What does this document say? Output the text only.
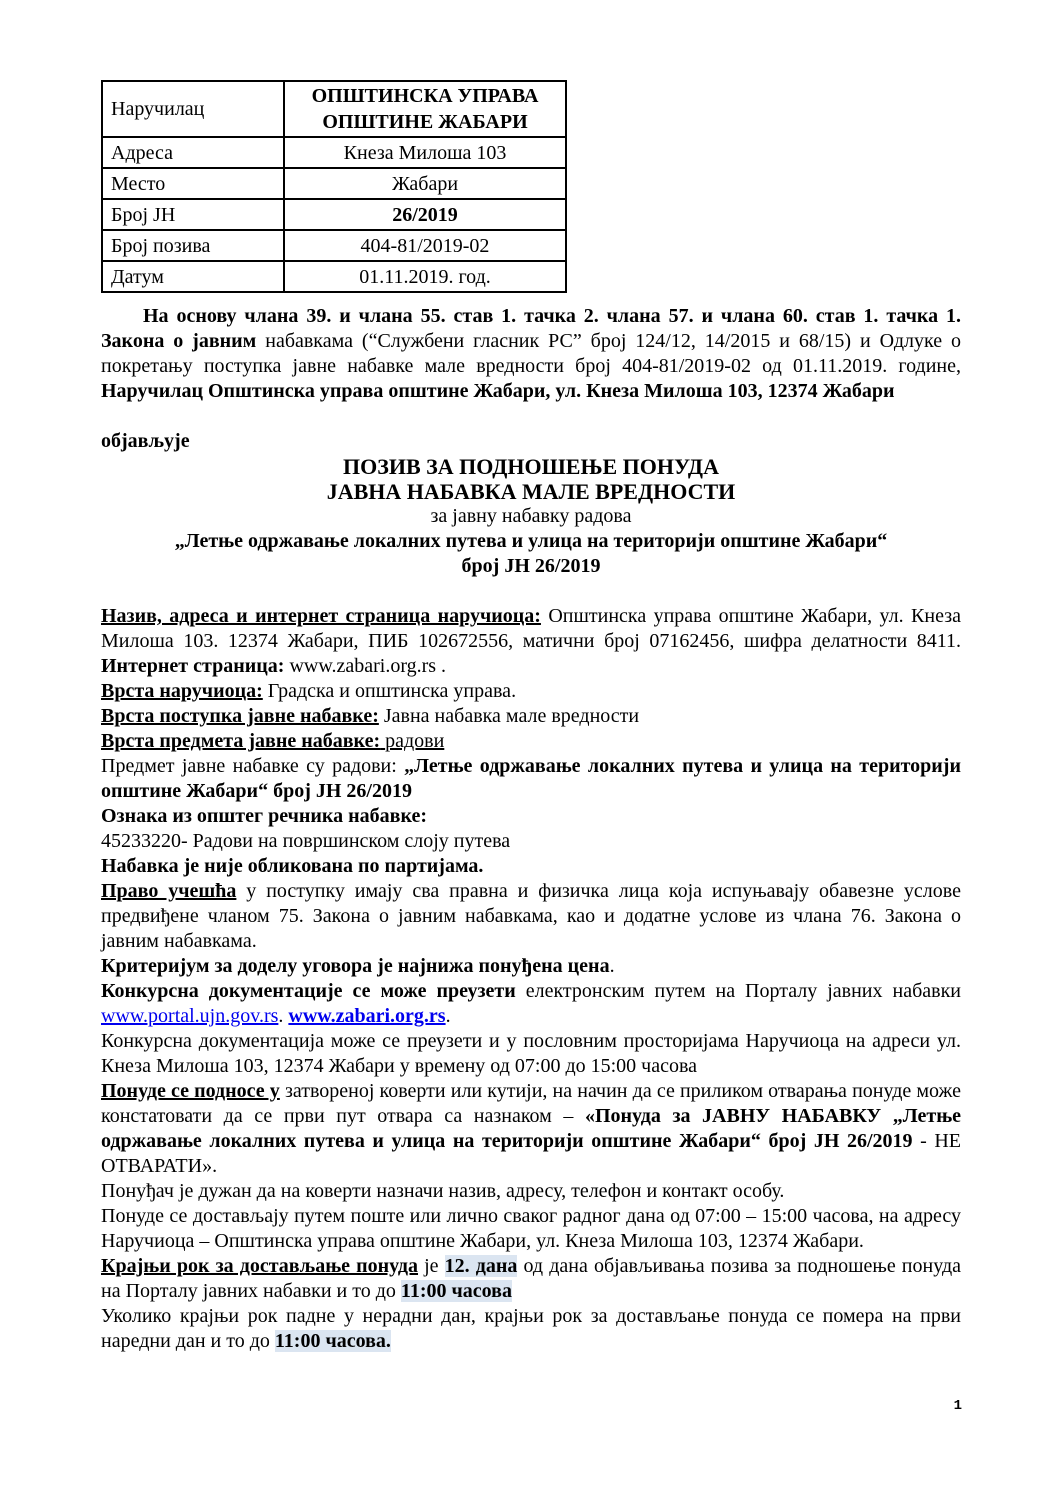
Наручилац	ОПШТИНСКА УПРАВА ОПШТИНЕ ЖАБАРИ
Адреса	Кнеза Милоша 103
Место	Жабари
Број ЈН	26/2019
Број позива	404-81/2019-02
Датум	01.11.2019. год.

На основу члана 39. и члана 55. став 1. тачка 2. члана 57. и члана 60. став 1. тачка 1. Закона о јавним набавкама (“Службени гласник РС” број 124/12, 14/2015 и 68/15) и Одлуке о покретању поступка јавне набавке мале вредности број 404-81/2019-02 од 01.11.2019. године, Наручилац Општинска управа општине Жабари, ул. Кнеза Милоша 103, 12374 Жабари

објављује

ПОЗИВ ЗА ПОДНОШЕЊЕ ПОНУДА

ЈАВНА НАБАВКА МАЛЕ ВРЕДНОСТИ

за јавну набавку радова

„Летње одржавање локалних путева и улица на територији општине Жабари“

број ЈН 26/2019

Назив, адреса и интернет страница наручиоца: Општинска управа општине Жабари, ул. Кнеза Милоша 103. 12374 Жабари, ПИБ 102672556, матични број 07162456, шифра делатности 8411. Интернет страница: www.zabari.org.rs .

Врста наручиоца: Градска и општинска управа.

Врста поступка јавне набавке: Јавна набавка мале вредности

Врста предмета јавне набавке: радови

Предмет јавне набавке су радови: „Летње одржавање локалних путева и улица на територији општине Жабари“ број ЈН 26/2019

Ознака из општег речника набавке:

45233220- Радови на површинском слоју путева

Набавка је није обликована по партијама.

Право учешћа у поступку имају сва правна и физичка лица која испуњавају обавезне услове предвиђене чланом 75. Закона о јавним набавкама, као и додатне услове из члана 76. Закона о јавним набавкама.

Критеријум за доделу уговора је најнижа понуђена цена.

Конкурсна документације се може преузети електронским путем на Порталу јавних набавки www.portal.ujn.gov.rs. www.zabari.org.rs.

Конкурсна документација може се преузети и у пословним просторијама Наручиоца на адреси ул. Кнеза Милоша 103, 12374 Жабари у времену од 07:00 до 15:00 часова

Понуде се подносе у затвореној коверти или кутији, на начин да се приликом отварања понуде може констатовати да се први пут отвара са назнаком – «Понуда за ЈАВНУ НАБАВКУ „Летње одржавање локалних путева и улица на територији општине Жабари“ број ЈН 26/2019 - НЕ ОТВАРАТИ».

Понуђач је дужан да на коверти назначи назив, адресу, телефон и контакт особу.

Понуде се достављају путем поште или лично сваког радног дана од 07:00 – 15:00 часова, на адресу Наручиоца – Општинска управа општине Жабари, ул. Кнеза Милоша 103, 12374 Жабари.

Крајњи рок за достављање понуда је 12. дана од дана објављивања позива за подношење понуда на Порталу јавних набавки и то до 11:00 часова

Уколико крајњи рок падне у нерадни дан, крајњи рок за достављање понуда се помера на први наредни дан и то до 11:00 часова.

1
